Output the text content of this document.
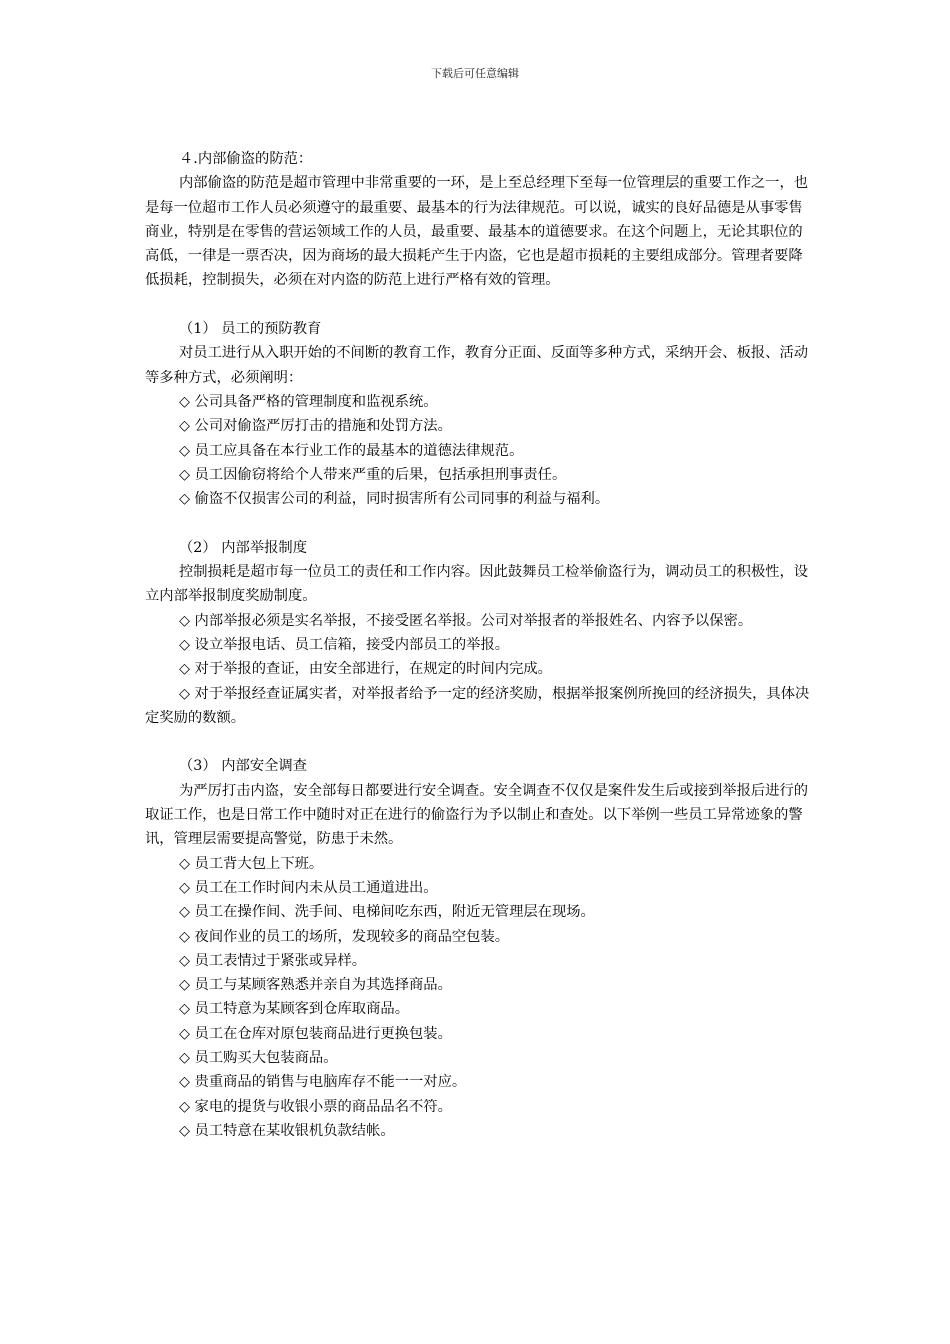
下载后可任意编辑

４.内部偷盗的防范：

内部偷盗的防范是超市管理中非常重要的一环，是上至总经理下至每一位管理层的重要工作之一，也是每一位超市工作人员必须遵守的最重要、最基本的行为法律规范。可以说，诚实的良好品德是从事零售商业，特别是在零售的营运领域工作的人员，最重要、最基本的道德要求。在这个问题上，无论其职位的高低，一律是一票否决，因为商场的最大损耗产生于内盗，它也是超市损耗的主要组成部分。管理者要降低损耗，控制损失，必须在对内盗的防范上进行严格有效的管理。

（1） 员工的预防教育

对员工进行从入职开始的不间断的教育工作，教育分正面、反面等多种方式，采纳开会、板报、活动等多种方式，必须阐明：

◇ 公司具备严格的管理制度和监视系统。

◇ 公司对偷盗严厉打击的措施和处罚方法。

◇ 员工应具备在本行业工作的最基本的道德法律规范。

◇ 员工因偷窃将给个人带来严重的后果，包括承担刑事责任。

◇ 偷盗不仅损害公司的利益，同时损害所有公司同事的利益与福利。

（2） 内部举报制度

控制损耗是超市每一位员工的责任和工作内容。因此鼓舞员工检举偷盗行为，调动员工的积极性，设立内部举报制度奖励制度。

◇ 内部举报必须是实名举报，不接受匿名举报。公司对举报者的举报姓名、内容予以保密。

◇ 设立举报电话、员工信箱，接受内部员工的举报。

◇ 对于举报的查证，由安全部进行，在规定的时间内完成。

◇ 对于举报经查证属实者，对举报者给予一定的经济奖励，根据举报案例所挽回的经济损失，具体决定奖励的数额。

（3） 内部安全调查

为严厉打击内盗，安全部每日都要进行安全调查。安全调查不仅仅是案件发生后或接到举报后进行的取证工作，也是日常工作中随时对正在进行的偷盗行为予以制止和查处。以下举例一些员工异常迹象的警讯，管理层需要提高警觉，防患于未然。

◇ 员工背大包上下班。

◇ 员工在工作时间内未从员工通道进出。

◇ 员工在操作间、洗手间、电梯间吃东西，附近无管理层在现场。

◇ 夜间作业的员工的场所，发现较多的商品空包装。

◇ 员工表情过于紧张或异样。

◇ 员工与某顾客熟悉并亲自为其选择商品。

◇ 员工特意为某顾客到仓库取商品。

◇ 员工在仓库对原包装商品进行更换包装。

◇ 员工购买大包装商品。

◇ 贵重商品的销售与电脑库存不能一一对应。

◇ 家电的提货与收银小票的商品品名不符。

◇ 员工特意在某收银机负款结帐。
